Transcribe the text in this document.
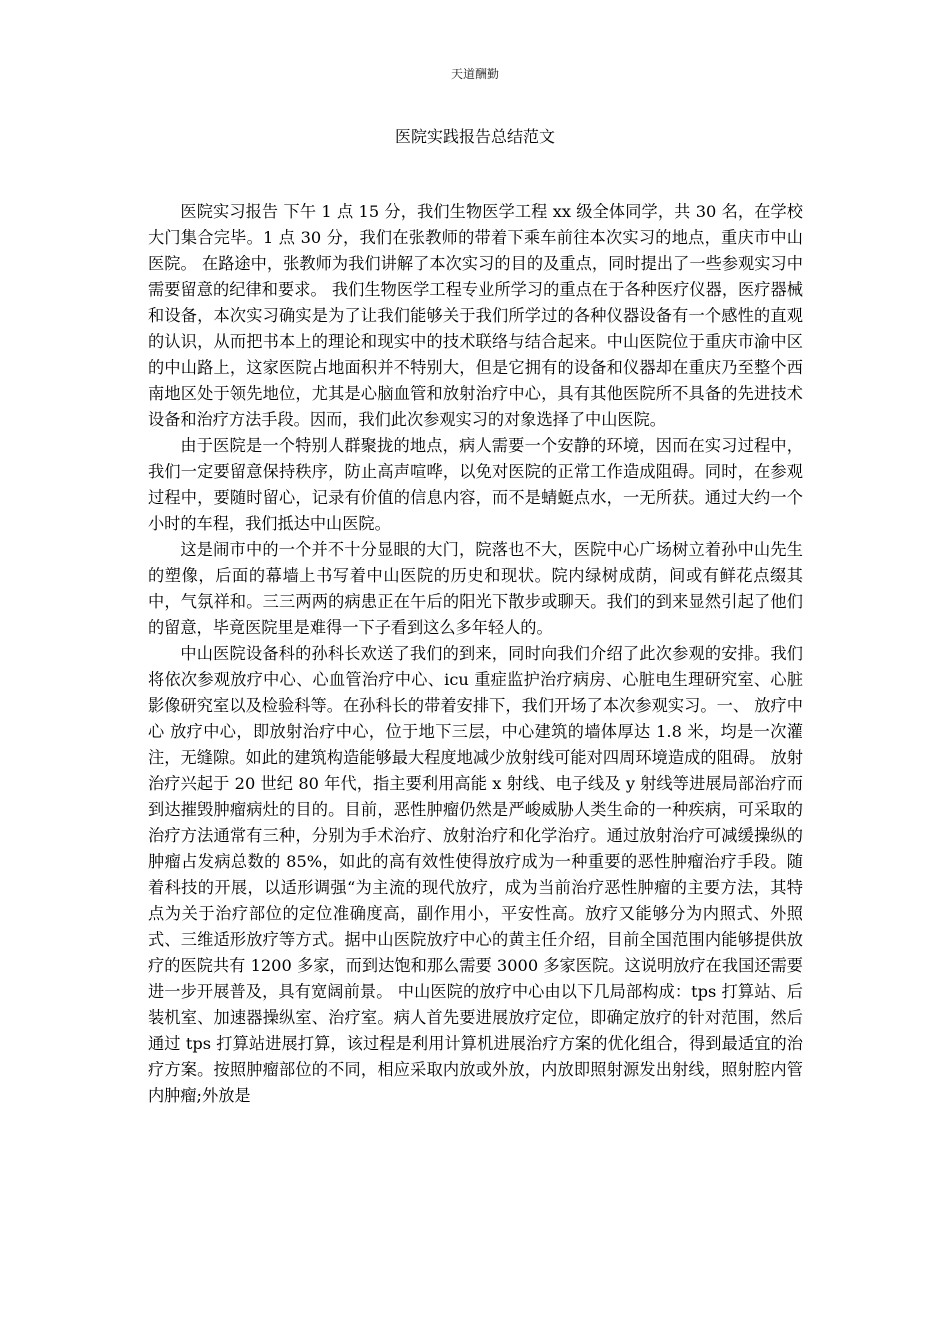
天道酬勤
医院实践报告总结范文

医院实习报告 下午 1 点 15 分，我们生物医学工程 xx 级全体同学，共 30 名，在学校大门集合完毕。1 点 30 分，我们在张教师的带着下乘车前往本次实习的地点，重庆市中山医院。 在路途中，张教师为我们讲解了本次实习的目的及重点，同时提出了一些参观实习中需要留意的纪律和要求。 我们生物医学工程专业所学习的重点在于各种医疗仪器，医疗器械和设备，本次实习确实是为了让我们能够关于我们所学过的各种仪器设备有一个感性的直观的认识，从而把书本上的理论和现实中的技术联络与结合起来。中山医院位于重庆市渝中区的中山路上，这家医院占地面积并不特别大，但是它拥有的设备和仪器却在重庆乃至整个西南地区处于领先地位，尤其是心脑血管和放射治疗中心，具有其他医院所不具备的先进技术设备和治疗方法手段。因而，我们此次参观实习的对象选择了中山医院。

由于医院是一个特别人群聚拢的地点，病人需要一个安静的环境，因而在实习过程中，我们一定要留意保持秩序，防止高声喧哗，以免对医院的正常工作造成阻碍。同时，在参观过程中，要随时留心，记录有价值的信息内容，而不是蜻蜓点水，一无所获。通过大约一个小时的车程，我们抵达中山医院。

这是闹市中的一个并不十分显眼的大门，院落也不大，医院中心广场树立着孙中山先生的塑像，后面的幕墙上书写着中山医院的历史和现状。院内绿树成荫，间或有鲜花点缀其中，气氛祥和。三三两两的病患正在午后的阳光下散步或聊天。我们的到来显然引起了他们的留意，毕竟医院里是难得一下子看到这么多年轻人的。

中山医院设备科的孙科长欢送了我们的到来，同时向我们介绍了此次参观的安排。我们将依次参观放疗中心、心血管治疗中心、icu 重症监护治疗病房、心脏电生理研究室、心脏影像研究室以及检验科等。在孙科长的带着安排下，我们开场了本次参观实习。一、 放疗中心 放疗中心，即放射治疗中心，位于地下三层，中心建筑的墙体厚达 1.8 米，均是一次灌注，无缝隙。如此的建筑构造能够最大程度地减少放射线可能对四周环境造成的阻碍。 放射治疗兴起于 20 世纪 80 年代，指主要利用高能 x 射线、电子线及 y 射线等进展局部治疗而到达摧毁肿瘤病灶的目的。目前，恶性肿瘤仍然是严峻威胁人类生命的一种疾病，可采取的治疗方法通常有三种，分别为手术治疗、放射治疗和化学治疗。通过放射治疗可减缓操纵的肿瘤占发病总数的 85%，如此的高有效性使得放疗成为一种重要的恶性肿瘤治疗手段。随着科技的开展，以适形调强“为主流的现代放疗，成为当前治疗恶性肿瘤的主要方法，其特点为关于治疗部位的定位准确度高，副作用小，平安性高。放疗又能够分为内照式、外照式、三维适形放疗等方式。据中山医院放疗中心的黄主任介绍，目前全国范围内能够提供放疗的医院共有 1200 多家，而到达饱和那么需要 3000 多家医院。这说明放疗在我国还需要进一步开展普及，具有宽阔前景。 中山医院的放疗中心由以下几局部构成：tps 打算站、后装机室、加速器操纵室、治疗室。病人首先要进展放疗定位，即确定放疗的针对范围，然后通过 tps 打算站进展打算，该过程是利用计算机进展治疗方案的优化组合，得到最适宜的治疗方案。按照肿瘤部位的不同，相应采取内放或外放，内放即照射源发出射线，照射腔内管内肿瘤;外放是
